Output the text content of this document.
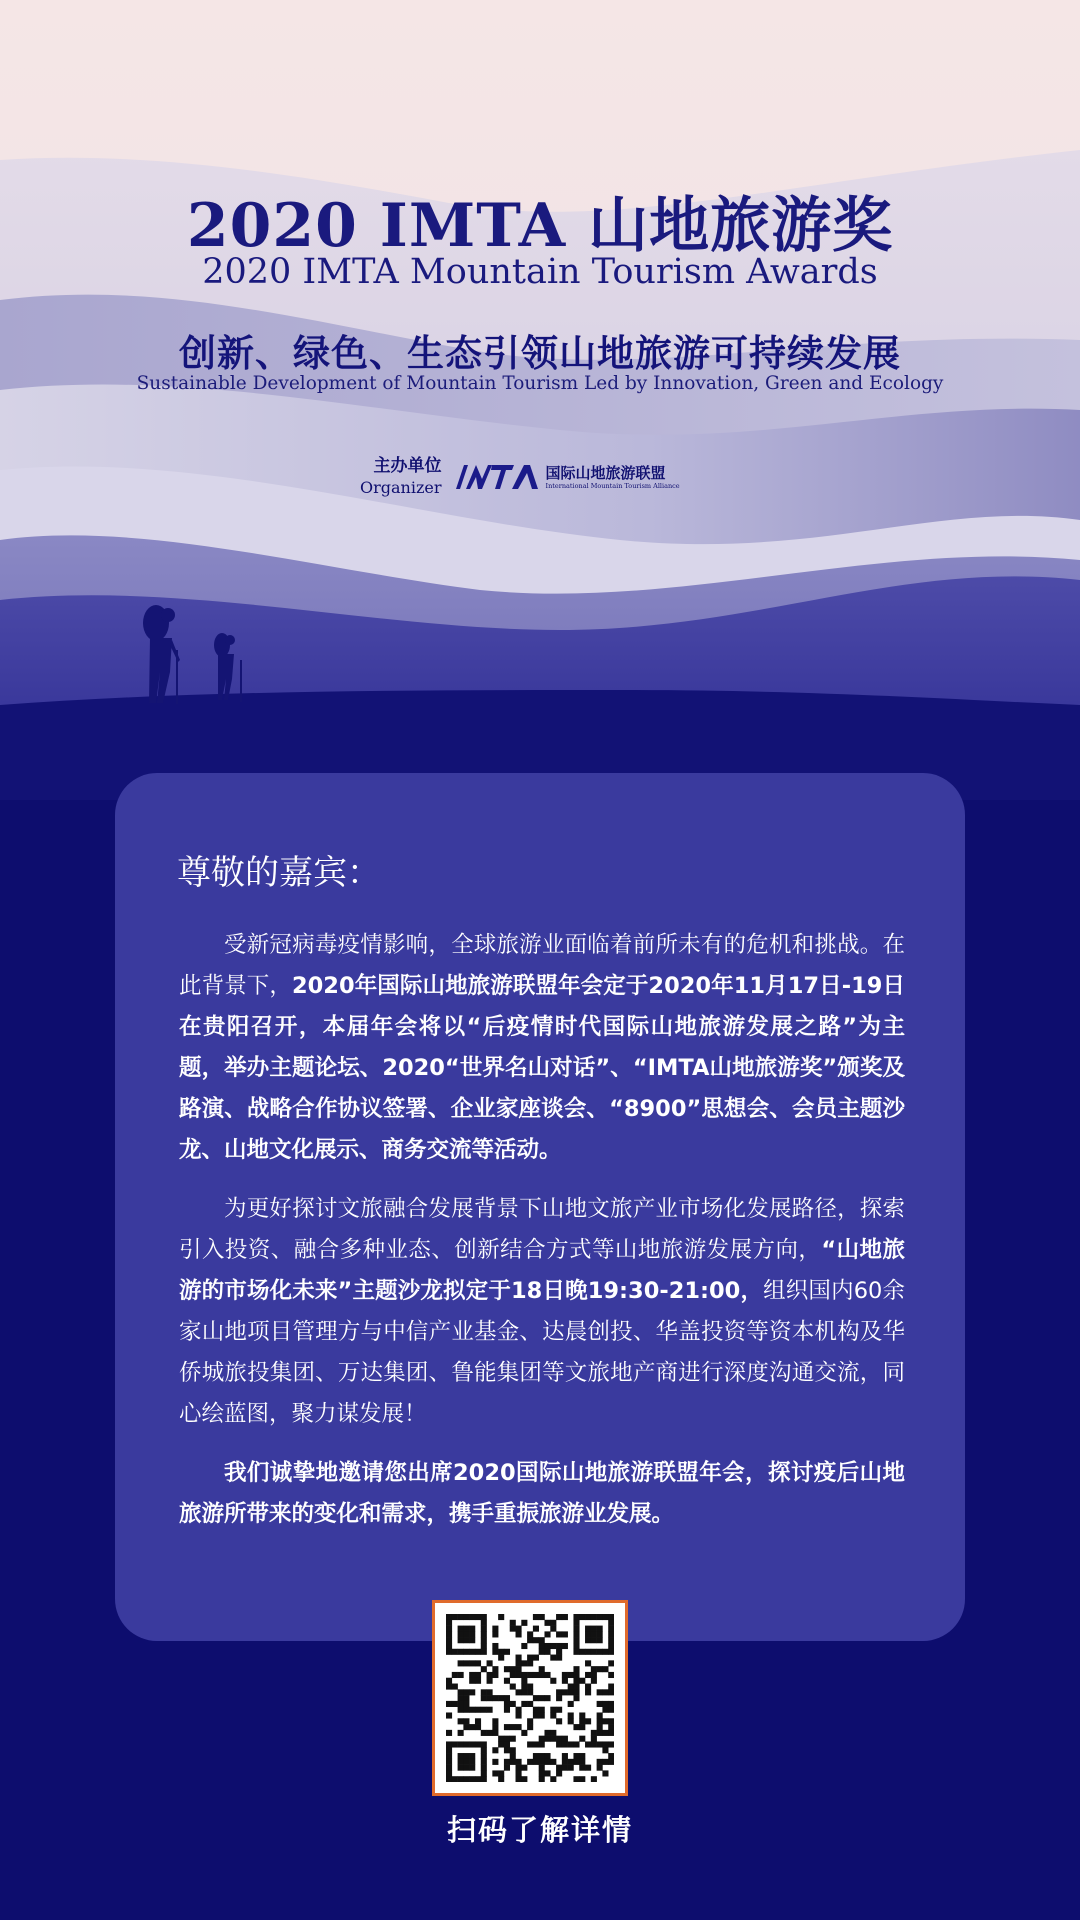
2020 IMTA 山地旅游奖
2020 IMTA Mountain Tourism Awards
创新、绿色、生态引领山地旅游可持续发展
Sustainable Development of Mountain Tourism Led by Innovation, Green and Ecology
主办单位
Organizer
国际山地旅游联盟
International Mountain Tourism Alliance
尊敬的嘉宾：

受新冠病毒疫情影响，全球旅游业面临着前所未有的危机和挑战。在此背景下，2020年国际山地旅游联盟年会定于2020年11月17日-19日在贵阳召开，本届年会将以“后疫情时代国际山地旅游发展之路”为主题，举办主题论坛、2020“世界名山对话”、“IMTA山地旅游奖”颁奖及路演、战略合作协议签署、企业家座谈会、“8900”思想会、会员主题沙龙、山地文化展示、商务交流等活动。

为更好探讨文旅融合发展背景下山地文旅产业市场化发展路径，探索引入投资、融合多种业态、创新结合方式等山地旅游发展方向，“山地旅游的市场化未来”主题沙龙拟定于18日晚19:30-21:00，组织国内60余家山地项目管理方与中信产业基金、达晨创投、华盖投资等资本机构及华侨城旅投集团、万达集团、鲁能集团等文旅地产商进行深度沟通交流，同心绘蓝图，聚力谋发展！

我们诚挚地邀请您出席2020国际山地旅游联盟年会，探讨疫后山地旅游所带来的变化和需求，携手重振旅游业发展。

扫码了解详情
